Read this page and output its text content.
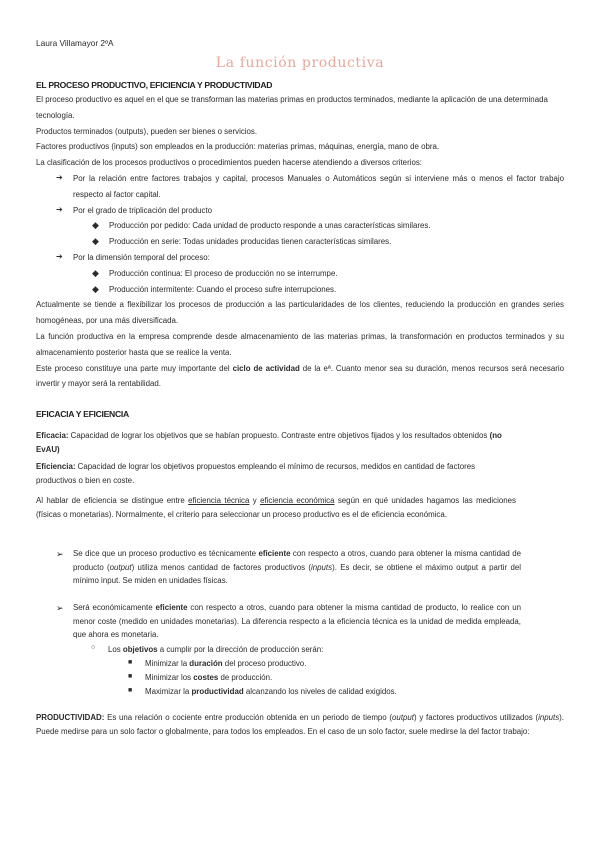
Laura Villamayor 2ºA
La función productiva
EL PROCESO PRODUCTIVO, EFICIENCIA Y PRODUCTIVIDAD

El proceso productivo es aquel en el que se transforman las materias primas en productos terminados, mediante la aplicación de una determinada tecnología.

Productos terminados (outputs), pueden ser bienes o servicios.

Factores productivos (inputs) son empleados en la producción: materias primas, máquinas, energía, mano de obra.

La clasificación de los procesos productivos o procedimientos pueden hacerse atendiendo a diversos criterios:

➔ Por la relación entre factores trabajos y capital, procesos Manuales o Automáticos según si interviene más o menos el factor trabajo respecto al factor capital.

➔ Por el grado de triplicación del producto

◆ Producción por pedido: Cada unidad de producto responde a unas características similares.

◆ Producción en serie: Todas unidades producidas tienen características similares.

➔ Por la dimensión temporal del proceso:

◆ Producción continua: El proceso de producción no se interrumpe.

◆ Producción intermitente: Cuando el proceso sufre interrupciones.

Actualmente se tiende a flexibilizar los procesos de producción a las particularidades de los clientes, reduciendo la producción en grandes series homogéneas, por una más diversificada.

La función productiva en la empresa comprende desde almacenamiento de las materias primas, la transformación en productos terminados y su almacenamiento posterior hasta que se realice la venta.

Este proceso constituye una parte muy importante del ciclo de actividad de la eª. Cuanto menor sea su duración, menos recursos será necesario invertir y mayor será la rentabilidad.

EFICACIA Y EFICIENCIA

Eficacia: Capacidad de lograr los objetivos que se habían propuesto. Contraste entre objetivos fijados y los resultados obtenidos (no EvAU)

Eficiencia: Capacidad de lograr los objetivos propuestos empleando el mínimo de recursos, medidos en cantidad de factores productivos o bien en coste.

Al hablar de eficiencia se distingue entre eficiencia técnica y eficiencia económica según en qué unidades hagamos las mediciones (físicas o monetarias). Normalmente, el criterio para seleccionar un proceso productivo es el de eficiencia económica.

➢ Se dice que un proceso productivo es técnicamente eficiente con respecto a otros, cuando para obtener la misma cantidad de producto (output) utiliza menos cantidad de factores productivos (inputs). Es decir, se obtiene el máximo output a partir del mínimo input. Se miden en unidades físicas.

➢ Será económicamente eficiente con respecto a otros, cuando para obtener la misma cantidad de producto, lo realice con un menor coste (medido en unidades monetarias). La diferencia respecto a la eficiencia técnica es la unidad de medida empleada, que ahora es monetaria.

○ Los objetivos a cumplir por la dirección de producción serán:

■ Minimizar la duración del proceso productivo.

■ Minimizar los costes de producción.

■ Maximizar la productividad alcanzando los niveles de calidad exigidos.

PRODUCTIVIDAD: Es una relación o cociente entre producción obtenida en un periodo de tiempo (output) y factores productivos utilizados (inputs). Puede medirse para un solo factor o globalmente, para todos los empleados. En el caso de un solo factor, suele medirse la del factor trabajo:
